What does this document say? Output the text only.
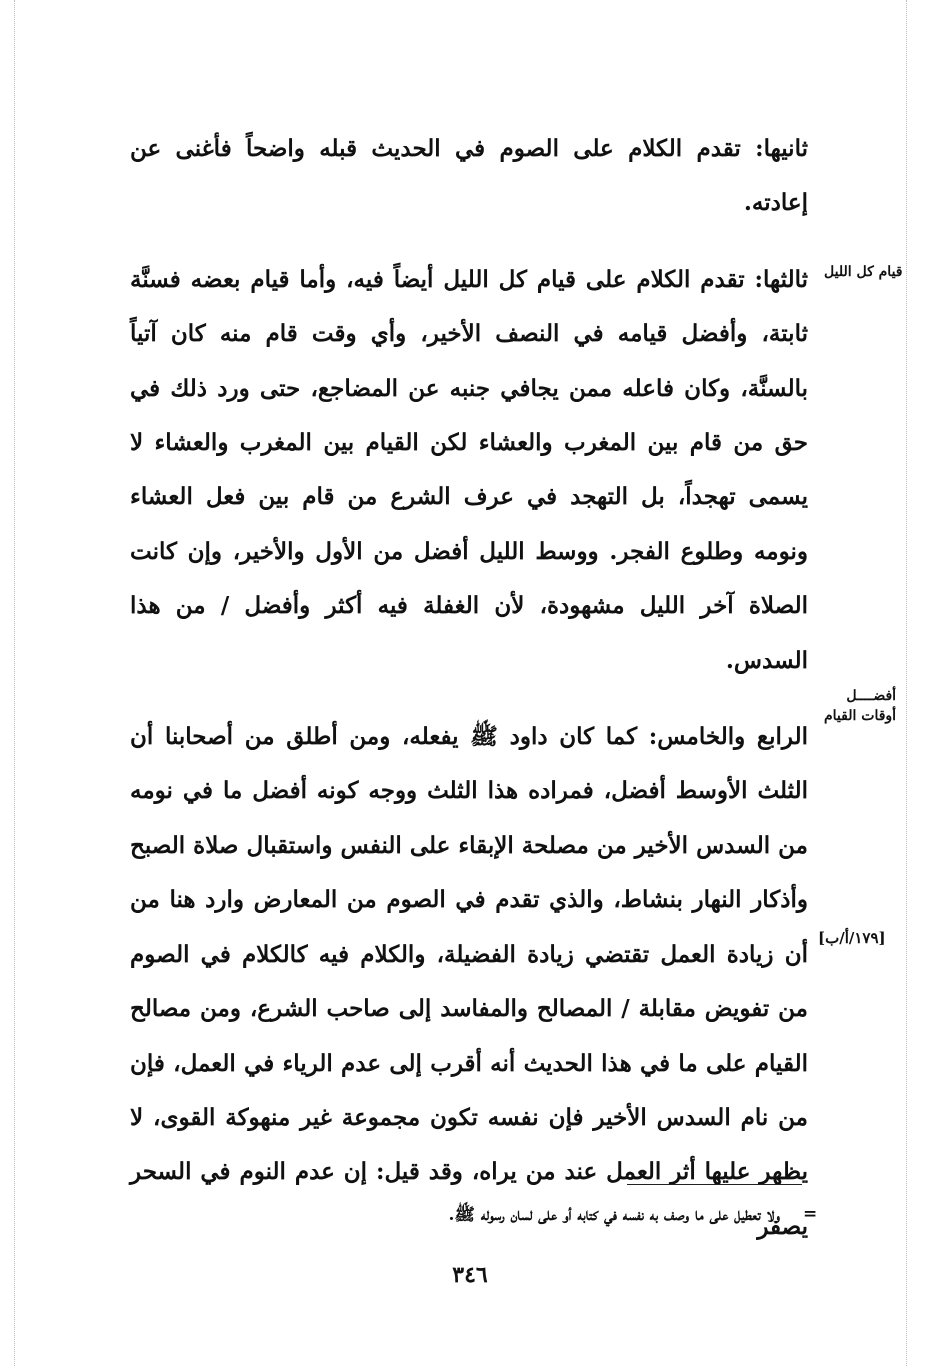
ثانيها: تقدم الكلام على الصوم في الحديث قبله واضحاً فأغنى عن إعادته.

ثالثها: تقدم الكلام على قيام كل الليل أيضاً فيه، وأما قيام بعضه فسنَّة ثابتة، وأفضل قيامه في النصف الأخير، وأي وقت قام منه كان آتياً بالسنَّة، وكان فاعله ممن يجافي جنبه عن المضاجع، حتى ورد ذلك في حق من قام بين المغرب والعشاء لكن القيام بين المغرب والعشاء لا يسمى تهجداً، بل التهجد في عرف الشرع من قام بين فعل العشاء ونومه وطلوع الفجر. ووسط الليل أفضل من الأول والأخير، وإن كانت الصلاة آخر الليل مشهودة، لأن الغفلة فيه أكثر وأفضل / من هذا السدس.

الرابع والخامس: كما كان داود ﷺ يفعله، ومن أطلق من أصحابنا أن الثلث الأوسط أفضل، فمراده هذا الثلث ووجه كونه أفضل ما في نومه من السدس الأخير من مصلحة الإبقاء على النفس واستقبال صلاة الصبح وأذكار النهار بنشاط، والذي تقدم في الصوم من المعارض وارد هنا من أن زيادة العمل تقتضي زيادة الفضيلة، والكلام فيه كالكلام في الصوم من تفويض مقابلة / المصالح والمفاسد إلى صاحب الشرع، ومن مصالح القيام على ما في هذا الحديث أنه أقرب إلى عدم الرياء في العمل، فإن من نام السدس الأخير فإن نفسه تكون مجموعة غير منهوكة القوى، لا يظهر عليها أثر العمل عند من يراه، وقد قيل: إن عدم النوم في السحر يصفر

قيام كل الليل
أفضــــل
أوقات القيام
[١٧٩/أ/ب]
=
ولا تعطيل على ما وصف به نفسه في كتابه أو على لسان رسوله ﷺ.
٣٤٦
